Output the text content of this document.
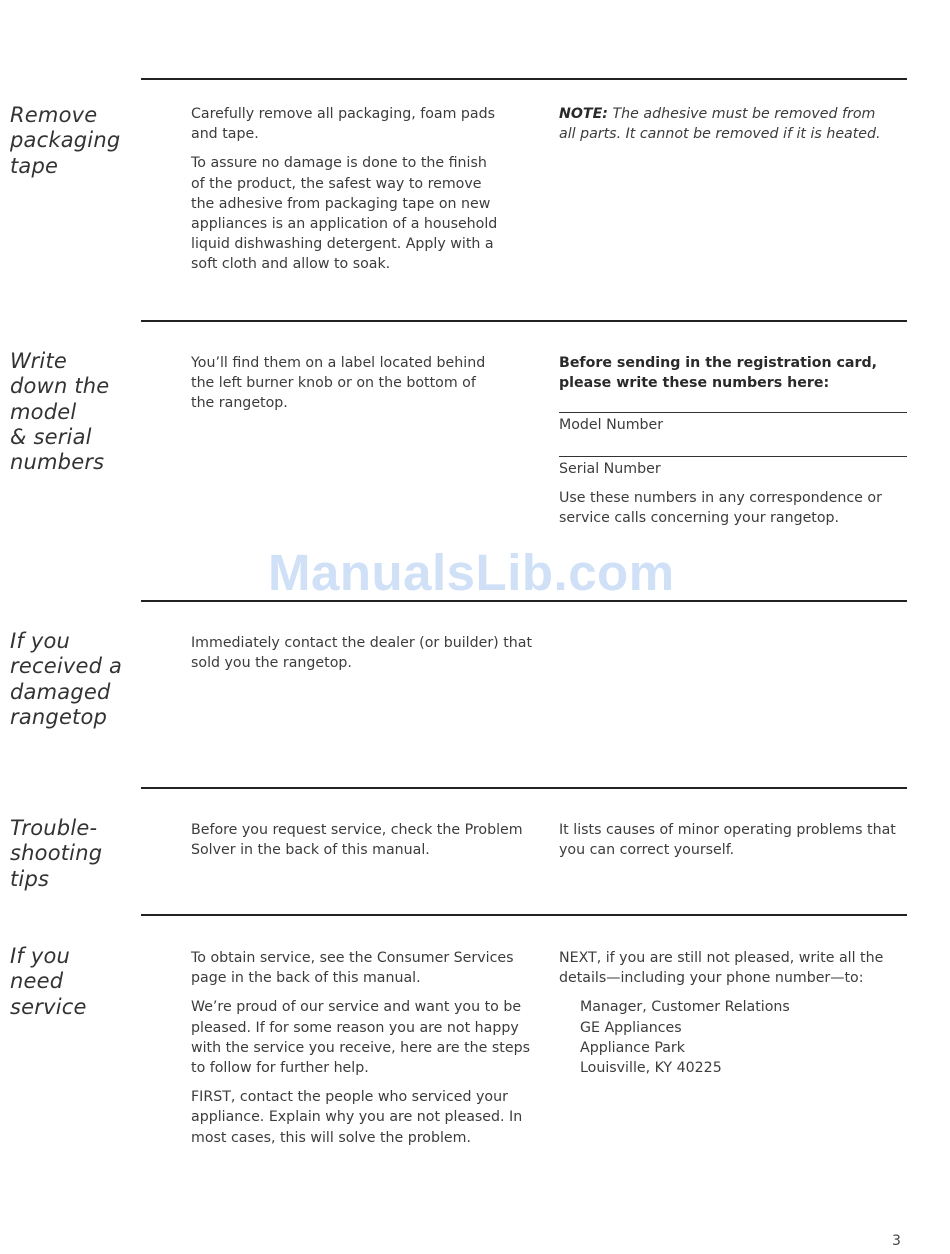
Remove
packaging
tape

Carefully remove all packaging, foam pads and tape.

To assure no damage is done to the finish of the product, the safest way to remove the adhesive from packaging tape on new appliances is an application of a household liquid dishwashing detergent. Apply with a soft cloth and allow to soak.

NOTE: The adhesive must be removed from all parts. It cannot be removed if it is heated.

Write
down the
model
& serial
numbers

You’ll find them on a label located behind the left burner knob or on the bottom of the rangetop.

Before sending in the registration card, please write these numbers here:

Model Number
Serial Number

Use these numbers in any correspondence or service calls concerning your rangetop.

ManualsLib.com
If you
received a
damaged
rangetop

Immediately contact the dealer (or builder) that sold you the rangetop.

Trouble-
shooting
tips

Before you request service, check the Problem Solver in the back of this manual.

It lists causes of minor operating problems that you can correct yourself.

If you
need
service

To obtain service, see the Consumer Services page in the back of this manual.

We’re proud of our service and want you to be pleased. If for some reason you are not happy with the service you receive, here are the steps to follow for further help.

FIRST, contact the people who serviced your appliance. Explain why you are not pleased. In most cases, this will solve the problem.

NEXT, if you are still not pleased, write all the details—including your phone number—to:

Manager, Customer Relations
GE Appliances
Appliance Park
Louisville, KY 40225

3
